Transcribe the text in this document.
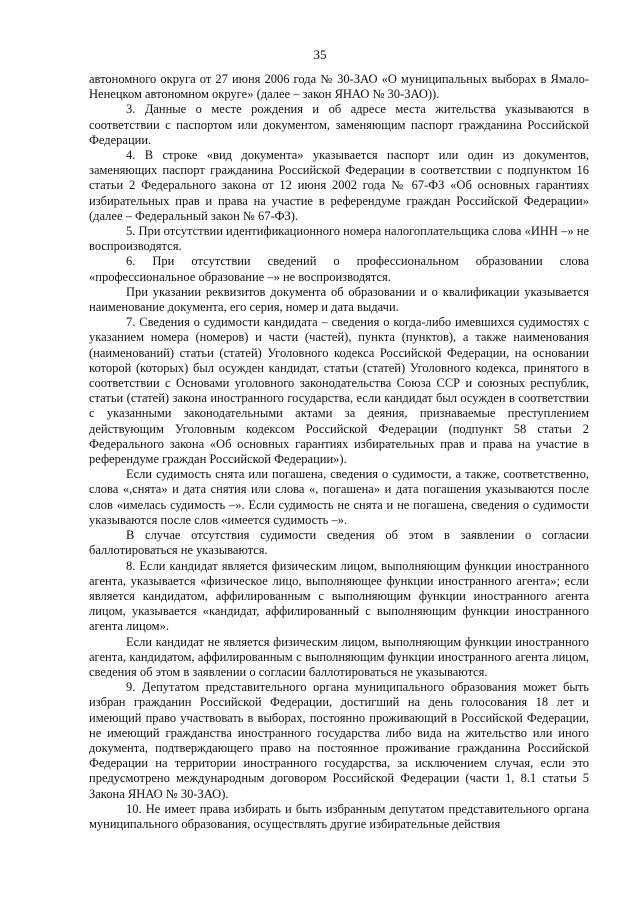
35

автономного округа от 27 июня 2006 года № 30-ЗАО «О муниципальных выборах в Ямало-Ненецком автономном округе» (далее – закон ЯНАО № 30-ЗАО)).

3. Данные о месте рождения и об адресе места жительства указываются в соответствии с паспортом или документом, заменяющим паспорт гражданина Российской Федерации.

4. В строке «вид документа» указывается паспорт или один из документов, заменяющих паспорт гражданина Российской Федерации в соответствии с подпунктом 16 статьи 2 Федерального закона от 12 июня 2002 года № 67-ФЗ «Об основных гарантиях избирательных прав и права на участие в референдуме граждан Российской Федерации» (далее – Федеральный закон № 67-ФЗ).

5. При отсутствии идентификационного номера налогоплательщика слова «ИНН –» не воспроизводятся.

6. При отсутствии сведений о профессиональном образовании слова «профессиональное образование –» не воспроизводятся.

При указании реквизитов документа об образовании и о квалификации указывается наименование документа, его серия, номер и дата выдачи.

7. Сведения о судимости кандидата – сведения о когда-либо имевшихся судимостях с указанием номера (номеров) и части (частей), пункта (пунктов), а также наименования (наименований) статьи (статей) Уголовного кодекса Российской Федерации, на основании которой (которых) был осужден кандидат, статьи (статей) Уголовного кодекса, принятого в соответствии с Основами уголовного законодательства Союза ССР и союзных республик, статьи (статей) закона иностранного государства, если кандидат был осужден в соответствии с указанными законодательными актами за деяния, признаваемые преступлением действующим Уголовным кодексом Российской Федерации (подпункт 58 статьи 2 Федерального закона «Об основных гарантиях избирательных прав и права на участие в референдуме граждан Российской Федерации»).

Если судимость снята или погашена, сведения о судимости, а также, соответственно, слова «,снята» и дата снятия или слова «, погашена» и дата погашения указываются после слов «имелась судимость –». Если судимость не снята и не погашена, сведения о судимости указываются после слов «имеется судимость –».

В случае отсутствия судимости сведения об этом в заявлении о согласии баллотироваться не указываются.

8. Если кандидат является физическим лицом, выполняющим функции иностранного агента, указывается «физическое лицо, выполняющее функции иностранного агента»; если является кандидатом, аффилированным с выполняющим функции иностранного агента лицом, указывается «кандидат, аффилированный с выполняющим функции иностранного агента лицом».

Если кандидат не является физическим лицом, выполняющим функции иностранного агента, кандидатом, аффилированным с выполняющим функции иностранного агента лицом, сведения об этом в заявлении о согласии баллотироваться не указываются.

9. Депутатом представительного органа муниципального образования может быть избран гражданин Российской Федерации, достигший на день голосования 18 лет и имеющий право участвовать в выборах, постоянно проживающий в Российской Федерации, не имеющий гражданства иностранного государства либо вида на жительство или иного документа, подтверждающего право на постоянное проживание гражданина Российской Федерации на территории иностранного государства, за исключением случая, если это предусмотрено международным договором Российской Федерации (части 1, 8.1 статьи 5 Закона ЯНАО № 30-ЗАО).

10. Не имеет права избирать и быть избранным депутатом представительного органа муниципального образования, осуществлять другие избирательные действия
